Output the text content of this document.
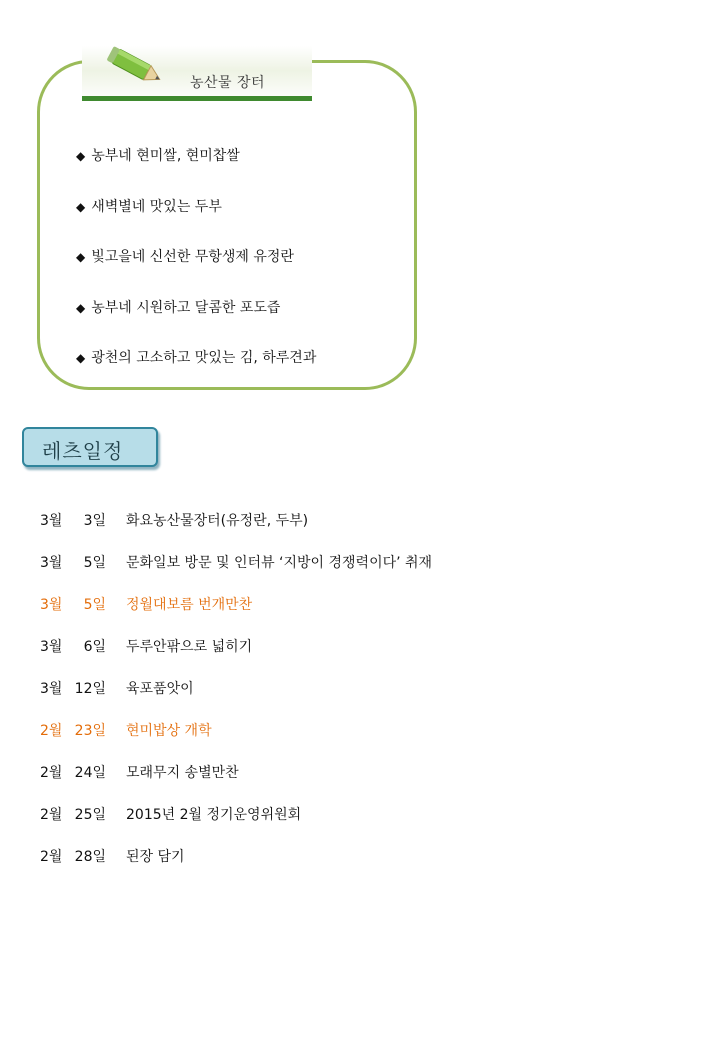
농산물 장터
◆ 농부네 현미쌀, 현미찹쌀
◆ 새벽별네 맛있는 두부
◆ 빛고을네 신선한 무항생제 유정란
◆ 농부네 시원하고 달콤한 포도즙
◆ 광천의 고소하고 맛있는 김, 하루견과
레츠일정
3월	3일 화요농산물장터(유정란, 두부)
3월	5일 문화일보 방문 및 인터뷰 ‘지방이 경쟁력이다’ 취재
3월	5일 정월대보름 번개만찬
3월	6일 두루안팎으로 넓히기
3월 12일 육포품앗이
2월 23일 현미밥상 개학
2월 24일 모래무지 송별만찬
2월 25일 2015년 2월 정기운영위원회
2월 28일 된장 담기
